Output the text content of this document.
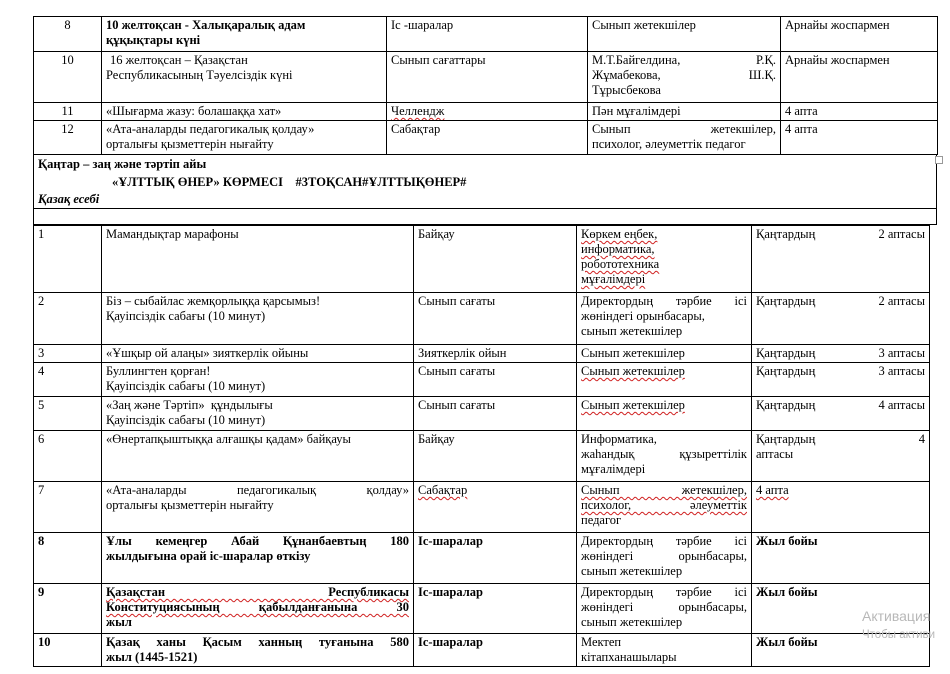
8	10 желтоқсан - Халықаралық адам
құқықтары күні	Іс -шаралар	Сынып жетекшілер	Арнайы жоспармен
10	16 желтоқсан – Қазақстан
Республикасының Тәуелсіздік күні	Сынып сағаттары	М.Т.Байгелдина, Р.Қ.
Жұмабекова, Ш.Қ.
Тұрысбекова	Арнайы жоспармен
11	«Шығарма жазу: болашаққа хат»	Челлендж	Пән мұғалімдері	4 апта
12	«Ата-аналарды педагогикалық қолдау»
орталығы қызметтерін нығайту	Сабақтар	Сынып жетекшілер,
психолог, әлеуметтік педагог	4 апта
Қаңтар – заң және тәртіп айы
«ҰЛТТЫҚ ӨНЕР» КӨРМЕСІ    #3ТОҚСАН#ҰЛТТЫҚӨНЕР#
Қазақ есебі
1	Мамандықтар марафоны	Байқау	Көркем еңбек,
информатика,
робототехника
мұғалімдері	Қаңтардың 2 аптасы

2	Біз – сыбайлас жемқорлыққа қарсымыз!
Қауіпсіздік сабағы (10 минут)	Сынып сағаты	Директордың тәрбие ісі
жөніндегі орынбасары,
сынып жетекшілер	Қаңтардың 2 аптасы

3	«Ұшқыр ой алаңы» зияткерлік ойыны	Зияткерлік ойын	Сынып жетекшілер	Қаңтардың 3 аптасы

4	Буллингтен қорған!
Қауіпсіздік сабағы (10 минут)	Сынып сағаты	Сынып жетекшілер	Қаңтардың 3 аптасы

5	«Заң және Тәртіп»  құндылығы
Қауіпсіздік сабағы (10 минут)	Сынып сағаты	Сынып жетекшілер	Қаңтардың 4 аптасы

6	«Өнертапқыштыққа алғашқы қадам» байқауы	Байқау	Информатика,
жаһандық құзыреттілік
мұғалімдері	Қаңтардың 4
аптасы

7	«Ата-аналарды педагогикалық қолдау»
орталығы қызметтерін нығайту	Сабақтар	Сынып жетекшілер,
психолог, әлеуметтік
педагог	4 апта
8	Ұлы кемеңгер Абай Құнанбаевтың 180
жылдығына орай іс-шаралар өткізу	Іс-шаралар	Директордың тәрбие ісі
жөніндегі орынбасары,
сынып жетекшілер	Жыл бойы
9	Қазақстан Республикасы
Конституциясының қабылданғанына 30
жыл	Іс-шаралар	Директордың тәрбие ісі
жөніндегі орынбасары,
сынып жетекшілер	Жыл бойы
10	Қазақ ханы Қасым ханның туғанына 580
жыл (1445-1521)	Іс-шаралар	Мектеп
кітапханашылары	Жыл бойы
Активация
Чтобы активи
